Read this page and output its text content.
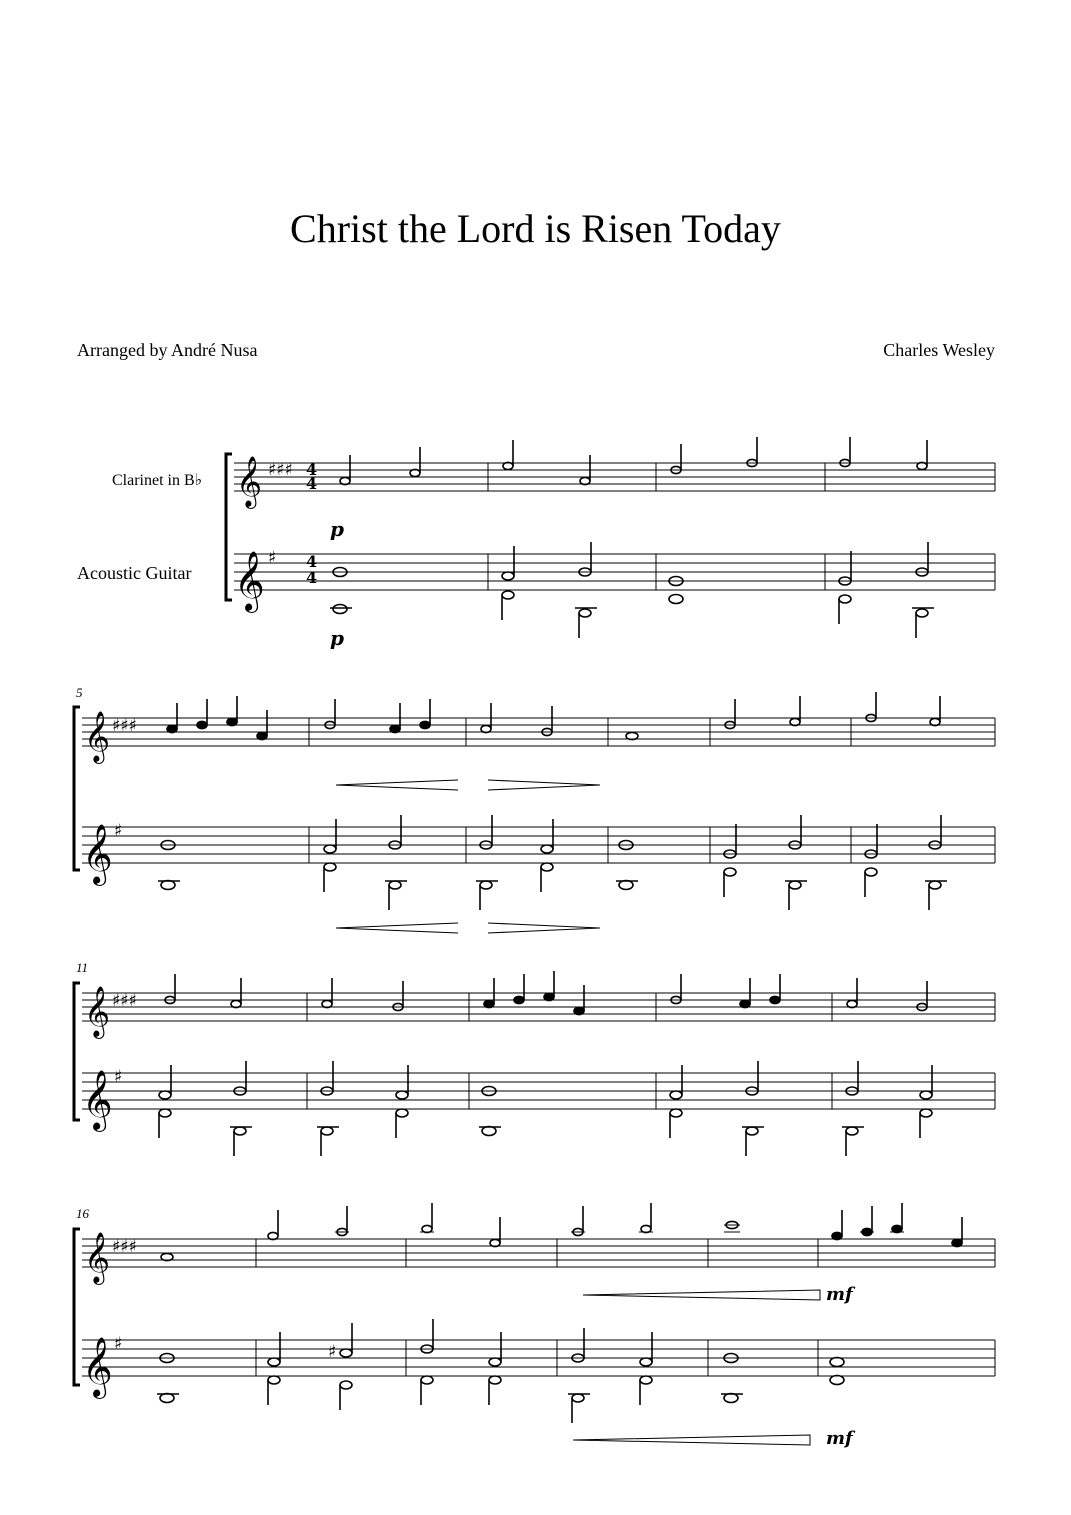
Christ the Lord is Risen Today
Arranged by André Nusa	Charles Wesley
Clarinet in B♭
Acoustic Guitar
𝄞 ♯♯♯ 4
4
p
𝄞 ♯ 4
4
p
5
𝄞 ♯♯♯
𝄞 ♯
11
𝄞 ♯♯♯
𝄞 ♯
16
𝄞 ♯♯♯
mf
𝄞 ♯	♯
mf
